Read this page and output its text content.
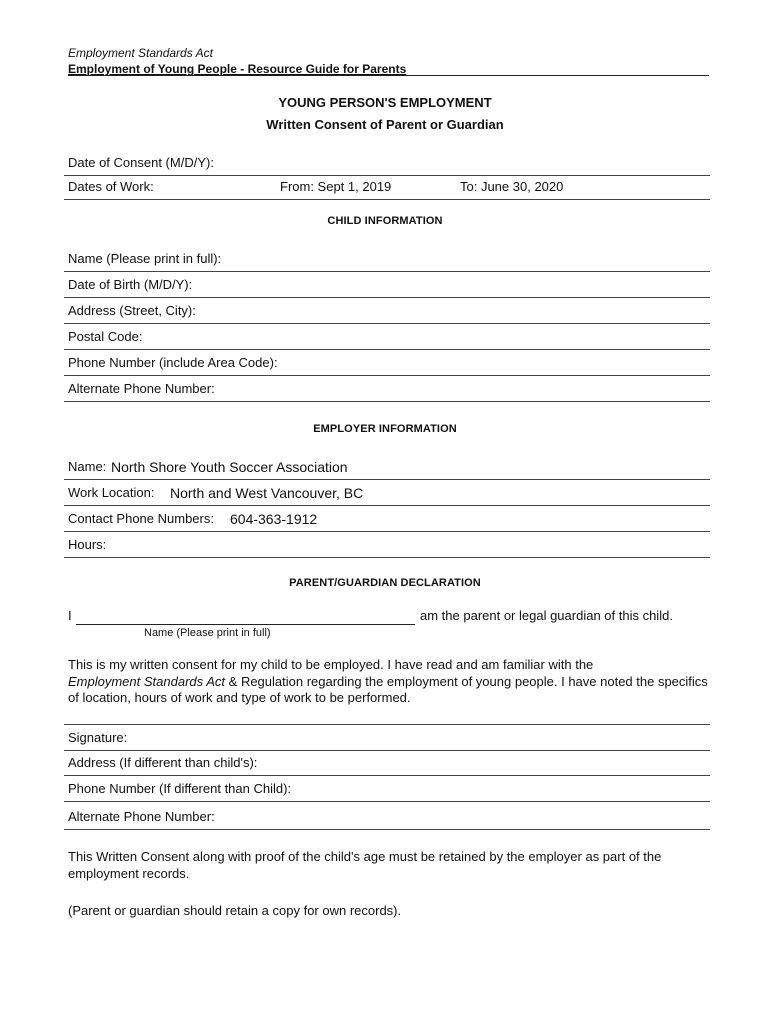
Employment Standards Act
Employment of Young People - Resource Guide for Parents
YOUNG PERSON'S EMPLOYMENT
Written Consent of Parent or Guardian
Date of Consent (M/D/Y):
Dates of Work:	From: Sept 1, 2019	To: June 30, 2020
CHILD INFORMATION
Name (Please print in full):
Date of Birth (M/D/Y):
Address (Street, City):
Postal Code:
Phone Number (include Area Code):
Alternate Phone Number:
EMPLOYER INFORMATION
Name: North Shore Youth Soccer Association
Work Location: North and West Vancouver, BC
Contact Phone Numbers: 604-363-1912
Hours:
PARENT/GUARDIAN DECLARATION
I	am the parent or legal guardian of this child.
Name (Please print in full)
This is my written consent for my child to be employed. I have read and am familiar with the
Employment Standards Act & Regulation regarding the employment of young people. I have noted the specifics of location, hours of work and type of work to be performed.
Signature:
Address (If different than child's):
Phone Number (If different than Child):
Alternate Phone Number:
This Written Consent along with proof of the child's age must be retained by the employer as part of the employment records.
(Parent or guardian should retain a copy for own records).
